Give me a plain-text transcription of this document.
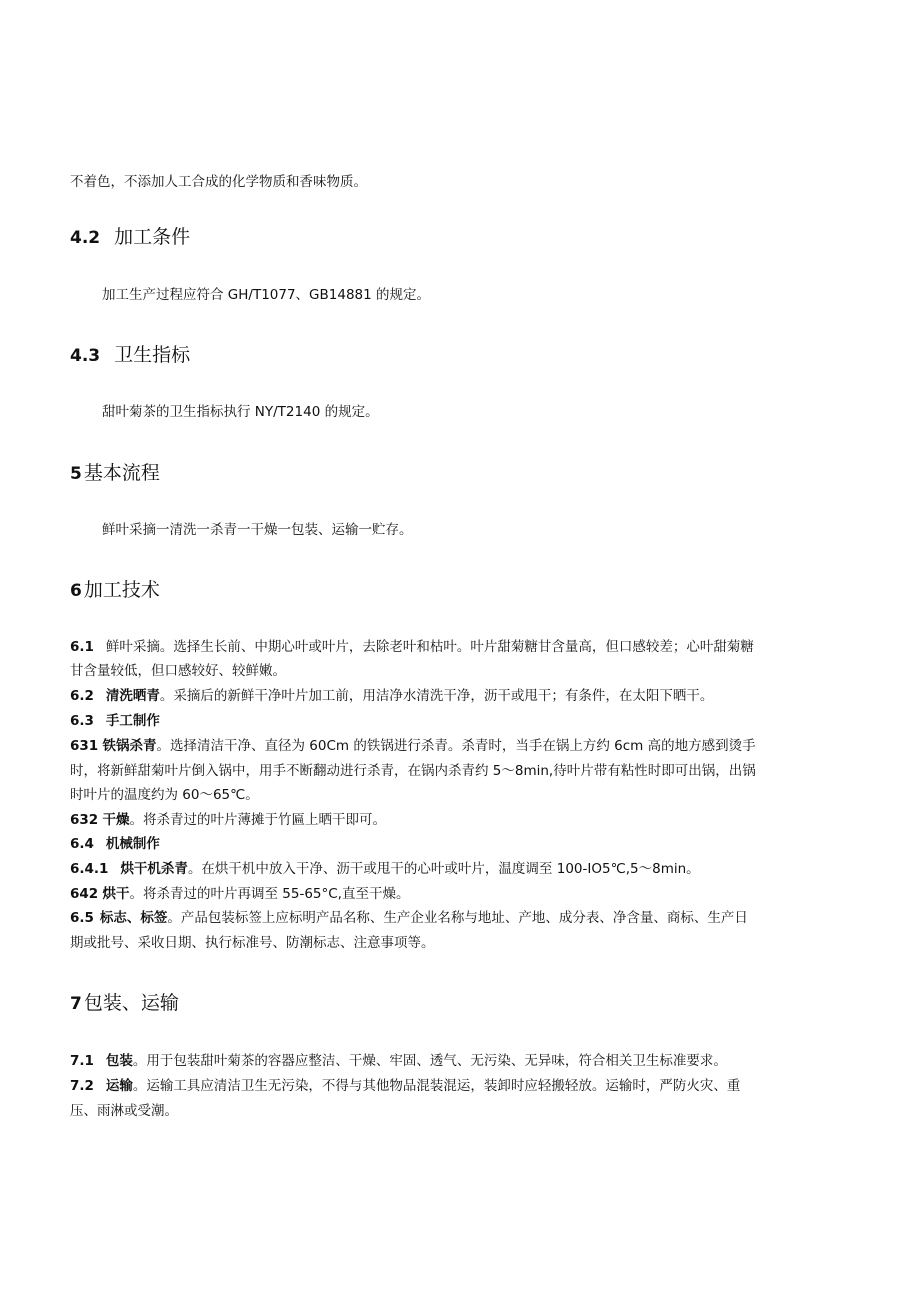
不着色，不添加人工合成的化学物质和香味物质。
4.2 加工条件
加工生产过程应符合 GH/T1077、GB14881 的规定。
4.3 卫生指标
甜叶菊茶的卫生指标执行 NY/T2140 的规定。
5 基本流程
鲜叶采摘一清洗一杀青一干燥一包装、运输一贮存。
6 加工技术
6.1 鲜叶采摘。选择生长前、中期心叶或叶片，去除老叶和枯叶。叶片甜菊糖甘含量高，但口感较差；心叶甜菊糖
甘含量较低，但口感较好、较鲜嫩。
6.2 清洗晒青。采摘后的新鲜干净叶片加工前，用洁净水清洗干净，沥干或甩干；有条件，在太阳下晒干。
6.3 手工制作
631 铁锅杀青。选择清洁干净、直径为 60Cm 的铁锅进行杀青。杀青时，当手在锅上方约 6cm 高的地方感到烫手
时，将新鲜甜菊叶片倒入锅中，用手不断翻动进行杀青，在锅内杀青约 5～8min,待叶片带有粘性时即可出锅，出锅
时叶片的温度约为 60～65℃。
632 干燥。将杀青过的叶片薄摊于竹匾上晒干即可。
6.4 机械制作
6.4.1 烘干机杀青。在烘干机中放入干净、沥干或甩干的心叶或叶片，温度调至 100-IO5℃,5～8min。
642 烘干。将杀青过的叶片再调至 55-65°C,直至干燥。
6.5 标志、标签。产品包装标签上应标明产品名称、生产企业名称与地址、产地、成分表、净含量、商标、生产日
期或批号、采收日期、执行标准号、防潮标志、注意事项等。
7 包装、运输
7.1 包装。用于包装甜叶菊茶的容器应整洁、干燥、牢固、透气、无污染、无异味，符合相关卫生标准要求。
7.2 运输。运输工具应清洁卫生无污染，不得与其他物品混装混运，装卸时应轻搬轻放。运输时，严防火灾、重
压、雨淋或受潮。
